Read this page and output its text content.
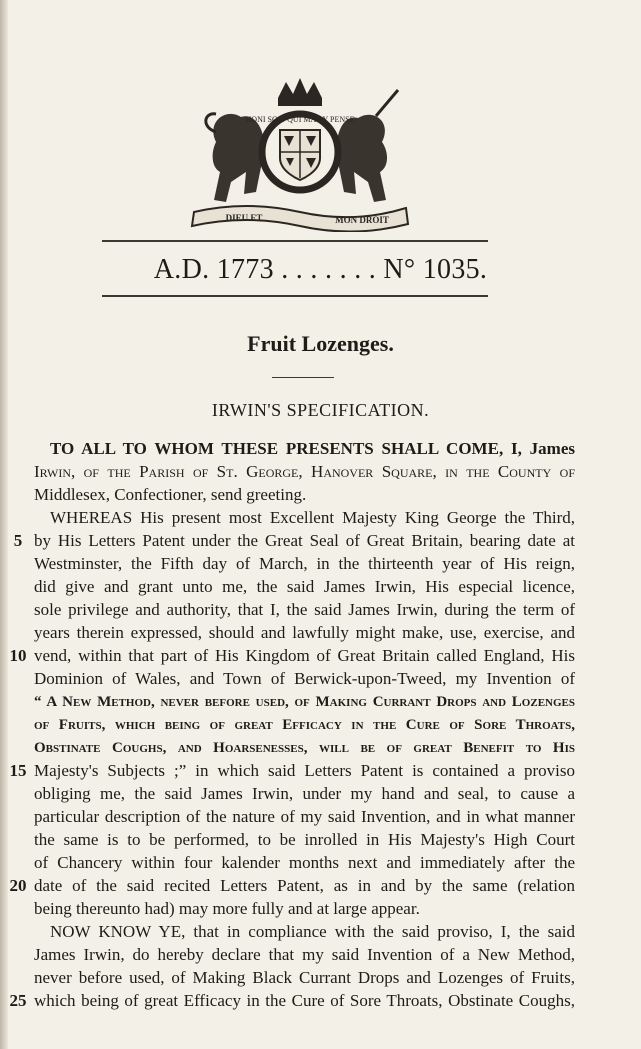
HONI SOIT QUI MAL Y PENSE
DIEU ET	MON DROIT
A.D. 1773 . . . . . . . N° 1035.
Fruit Lozenges.
IRWIN'S SPECIFICATION.
TO ALL TO WHOM THESE PRESENTS SHALL COME, I, James
Irwin, of the Parish of St. George, Hanover Square, in the County of
Middlesex, Confectioner, send greeting.
WHEREAS His present most Excellent Majesty King George the Third,
by His Letters Patent under the Great Seal of Great Britain, bearing date at
Westminster, the Fifth day of March, in the thirteenth year of His reign,
did give and grant unto me, the said James Irwin, His especial licence,
sole privilege and authority, that I, the said James Irwin, during the term of
years therein expressed, should and lawfully might make, use, exercise, and
vend, within that part of His Kingdom of Great Britain called England, His
Dominion of Wales, and Town of Berwick-upon-Tweed, my Invention of
“ A New Method, never before used, of Making Currant Drops and Lozenges
of Fruits, which being of great Efficacy in the Cure of Sore Throats,
Obstinate Coughs, and Hoarsenesses, will be of great Benefit to His
Majesty's Subjects ;” in which said Letters Patent is contained a proviso
obliging me, the said James Irwin, under my hand and seal, to cause a
particular description of the nature of my said Invention, and in what manner
the same is to be performed, to be inrolled in His Majesty's High Court
of Chancery within four kalender months next and immediately after the
date of the said recited Letters Patent, as in and by the same (relation
being thereunto had) may more fully and at large appear.
NOW KNOW YE, that in compliance with the said proviso, I, the said
James Irwin, do hereby declare that my said Invention of a New Method,
never before used, of Making Black Currant Drops and Lozenges of Fruits,
which being of great Efficacy in the Cure of Sore Throats, Obstinate Coughs,
5
10
15
20
25
